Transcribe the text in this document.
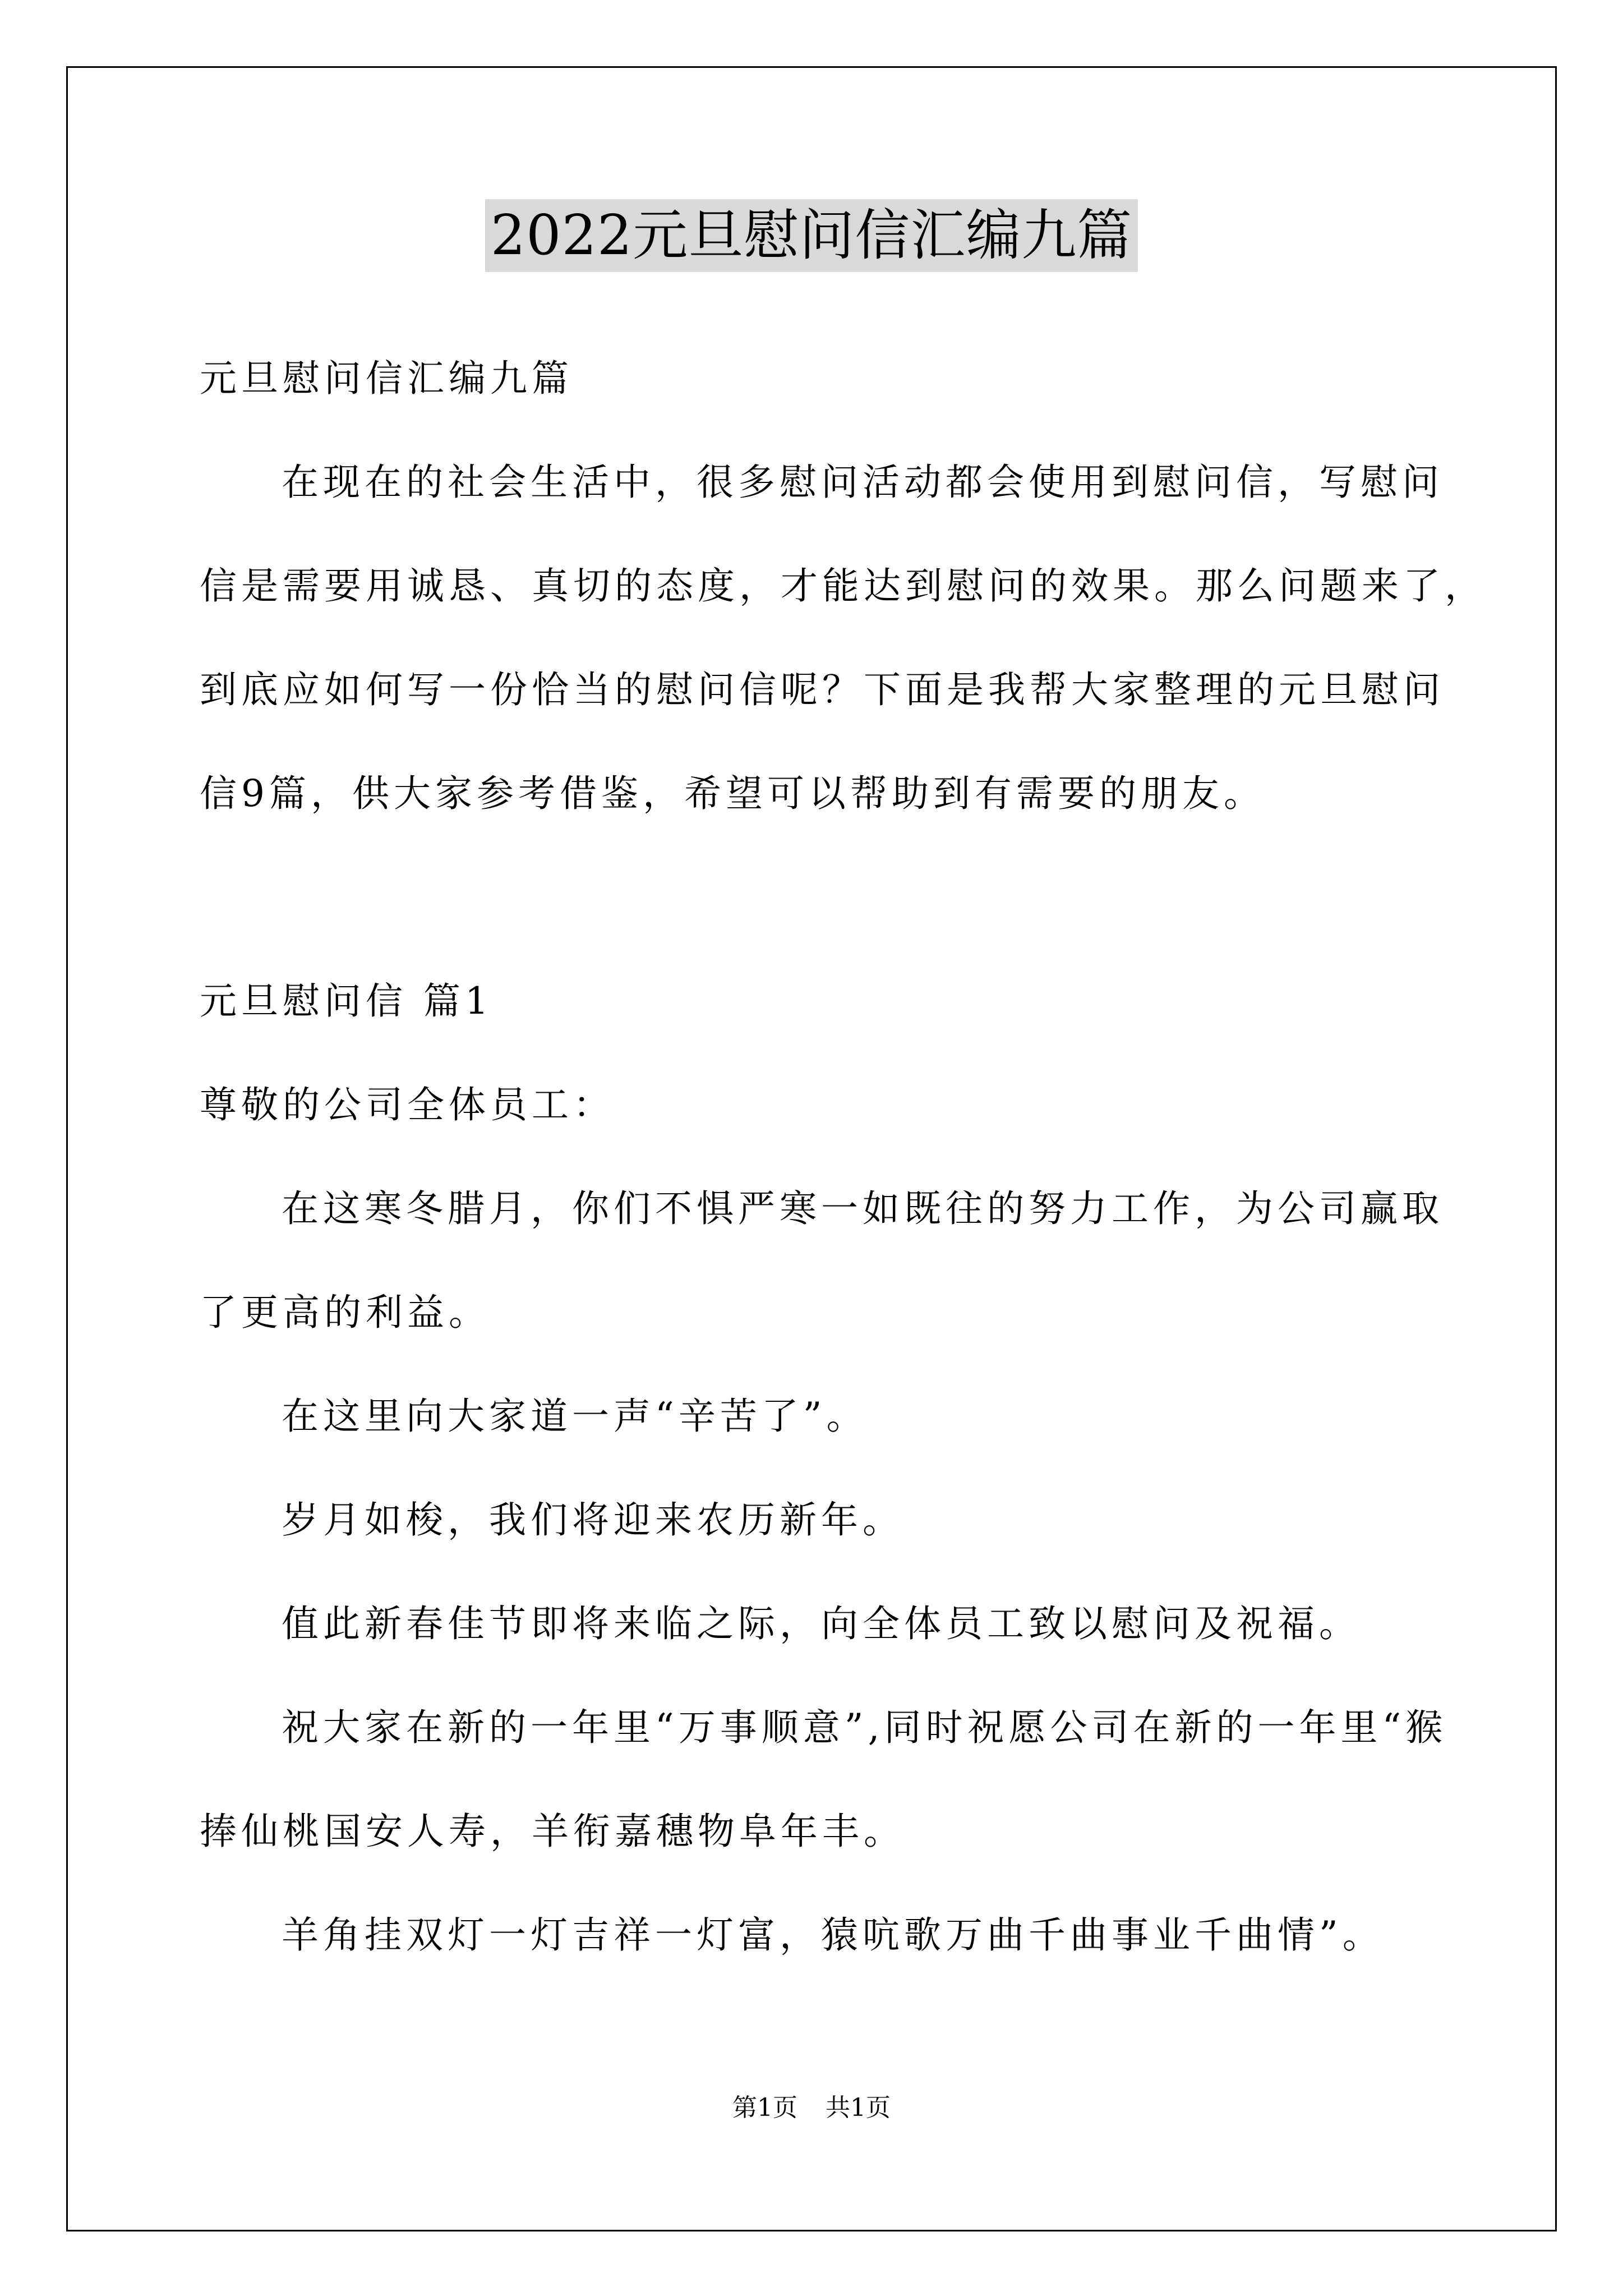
2022元旦慰问信汇编九篇
元旦慰问信汇编九篇
在现在的社会生活中，很多慰问活动都会使用到慰问信，写慰问
信是需要用诚恳、真切的态度，才能达到慰问的效果。那么问题来了，
到底应如何写一份恰当的慰问信呢？下面是我帮大家整理的元旦慰问
信9篇，供大家参考借鉴，希望可以帮助到有需要的朋友。
元旦慰问信 篇1
尊敬的公司全体员工：
在这寒冬腊月，你们不惧严寒一如既往的努力工作，为公司赢取
了更高的利益。
在这里向大家道一声“辛苦了”。
岁月如梭，我们将迎来农历新年。
值此新春佳节即将来临之际，向全体员工致以慰问及祝福。
祝大家在新的一年里“万事顺意”,同时祝愿公司在新的一年里“猴
捧仙桃国安人寿，羊衔嘉穗物阜年丰。
羊角挂双灯一灯吉祥一灯富，猿吭歌万曲千曲事业千曲情”。
第1页 共1页
